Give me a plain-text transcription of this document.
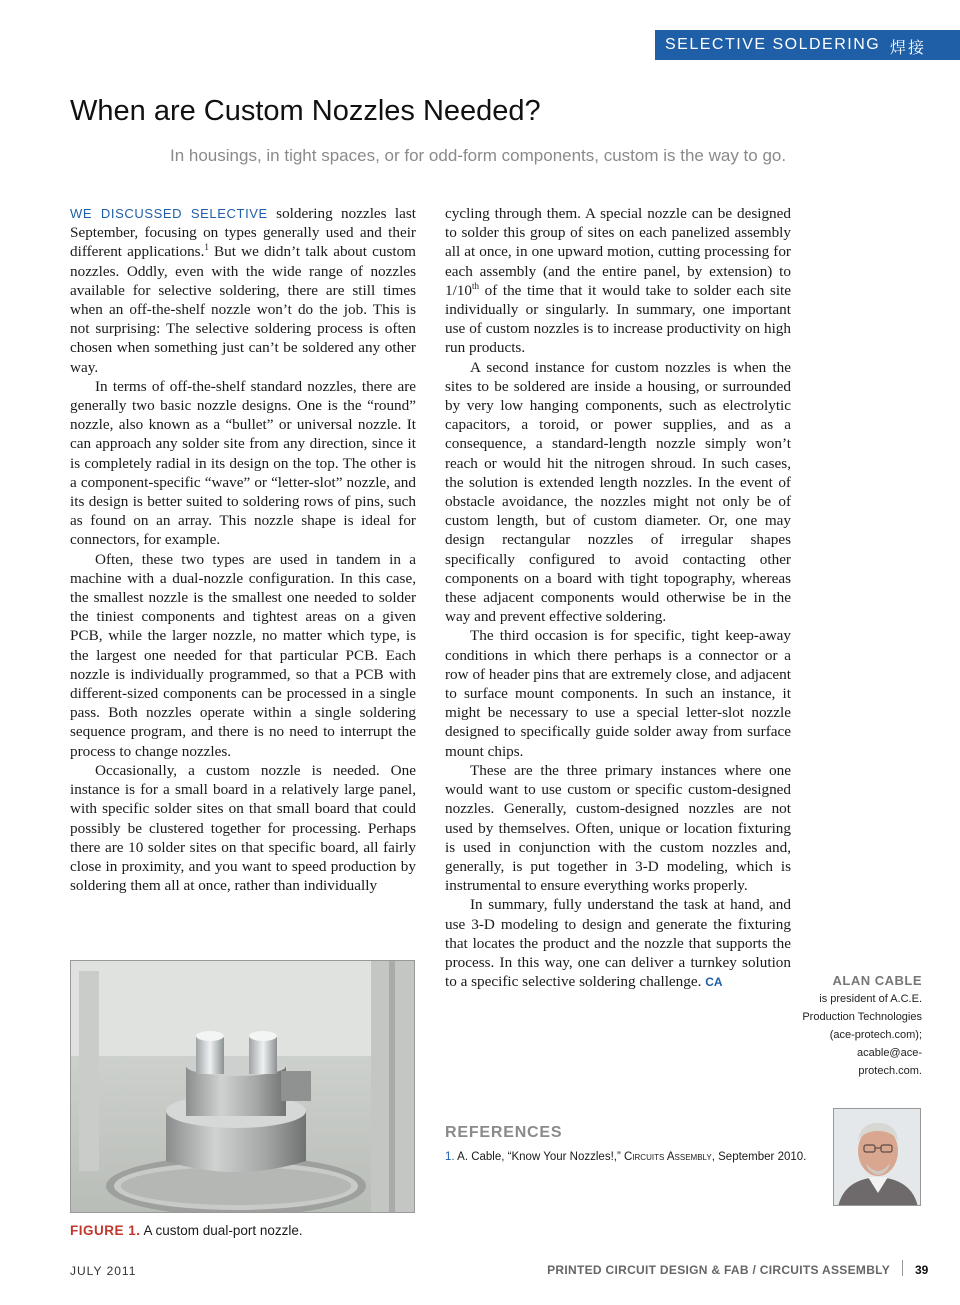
SELECTIVE SOLDERING 焊接
When are Custom Nozzles Needed?

In housings, in tight spaces, or for odd-form components, custom is the way to go.

WE DISCUSSED SELECTIVE soldering nozzles last September, focusing on types generally used and their different applications.$^1$ But we didn’t talk about custom nozzles. Oddly, even with the wide range of nozzles available for selective soldering, there are still times when an off-the-shelf nozzle won’t do the job. This is not surprising: The selective soldering process is often chosen when something just can’t be soldered any other way.

In terms of off-the-shelf standard nozzles, there are generally two basic nozzle designs. One is the “round” nozzle, also known as a “bullet” or universal nozzle. It can approach any solder site from any direction, since it is completely radial in its design on the top. The other is a component-specific “wave” or “letter-slot” nozzle, and its design is better suited to soldering rows of pins, such as found on an array. This nozzle shape is ideal for connectors, for example.

Often, these two types are used in tandem in a machine with a dual-nozzle configuration. In this case, the smallest nozzle is the smallest one needed to solder the tiniest components and tightest areas on a given PCB, while the larger nozzle, no matter which type, is the largest one needed for that particular PCB. Each nozzle is individually programmed, so that a PCB with different-sized components can be processed in a single pass. Both nozzles operate within a single soldering sequence program, and there is no need to interrupt the process to change nozzles.

Occasionally, a custom nozzle is needed. One instance is for a small board in a relatively large panel, with specific solder sites on that small board that could possibly be clustered together for processing. Perhaps there are 10 solder sites on that specific board, all fairly close in proximity, and you want to speed production by soldering them all at once, rather than individually

cycling through them. A special nozzle can be designed to solder this group of sites on each panelized assembly all at once, in one upward motion, cutting processing for each assembly (and the entire panel, by extension) to 1/10th of the time that it would take to solder each site individually or singularly. In summary, one important use of custom nozzles is to increase productivity on high run products.

A second instance for custom nozzles is when the sites to be soldered are inside a housing, or surrounded by very low hanging components, such as electrolytic capacitors, a toroid, or power supplies, and as a consequence, a standard-length nozzle simply won’t reach or would hit the nitrogen shroud. In such cases, the solution is extended length nozzles. In the event of obstacle avoidance, the nozzles might not only be of custom length, but of custom diameter. Or, one may design rectangular nozzles of irregular shapes specifically configured to avoid contacting other components on a board with tight topography, whereas these adjacent components would otherwise be in the way and prevent effective soldering.

The third occasion is for specific, tight keep-away conditions in which there perhaps is a connector or a row of header pins that are extremely close, and adjacent to surface mount components. In such an instance, it might be necessary to use a special letter-slot nozzle designed to specifically guide solder away from surface mount chips.

These are the three primary instances where one would want to use custom or specific custom-designed nozzles. Generally, custom-designed nozzles are not used by themselves. Often, unique or location fixturing is used in conjunction with the custom nozzles and, generally, is put together in 3-D modeling, which is instrumental to ensure everything works properly.

In summary, fully understand the task at hand, and use 3-D modeling to design and generate the fixturing that locates the product and the nozzle that supports the process. In this way, one can deliver a turnkey solution to a specific selective soldering challenge. CA

FIGURE 1. A custom dual-port nozzle.
REFERENCES
1. A. Cable, “Know Your Nozzles!,” Circuits Assembly, September 2010.
ALAN CABLE
is president of A.C.E. Production Technologies (ace-protech.com); acable@ace-protech.com.
JULY 2011	PRINTED CIRCUIT DESIGN & FAB / CIRCUITS ASSEMBLY 39
